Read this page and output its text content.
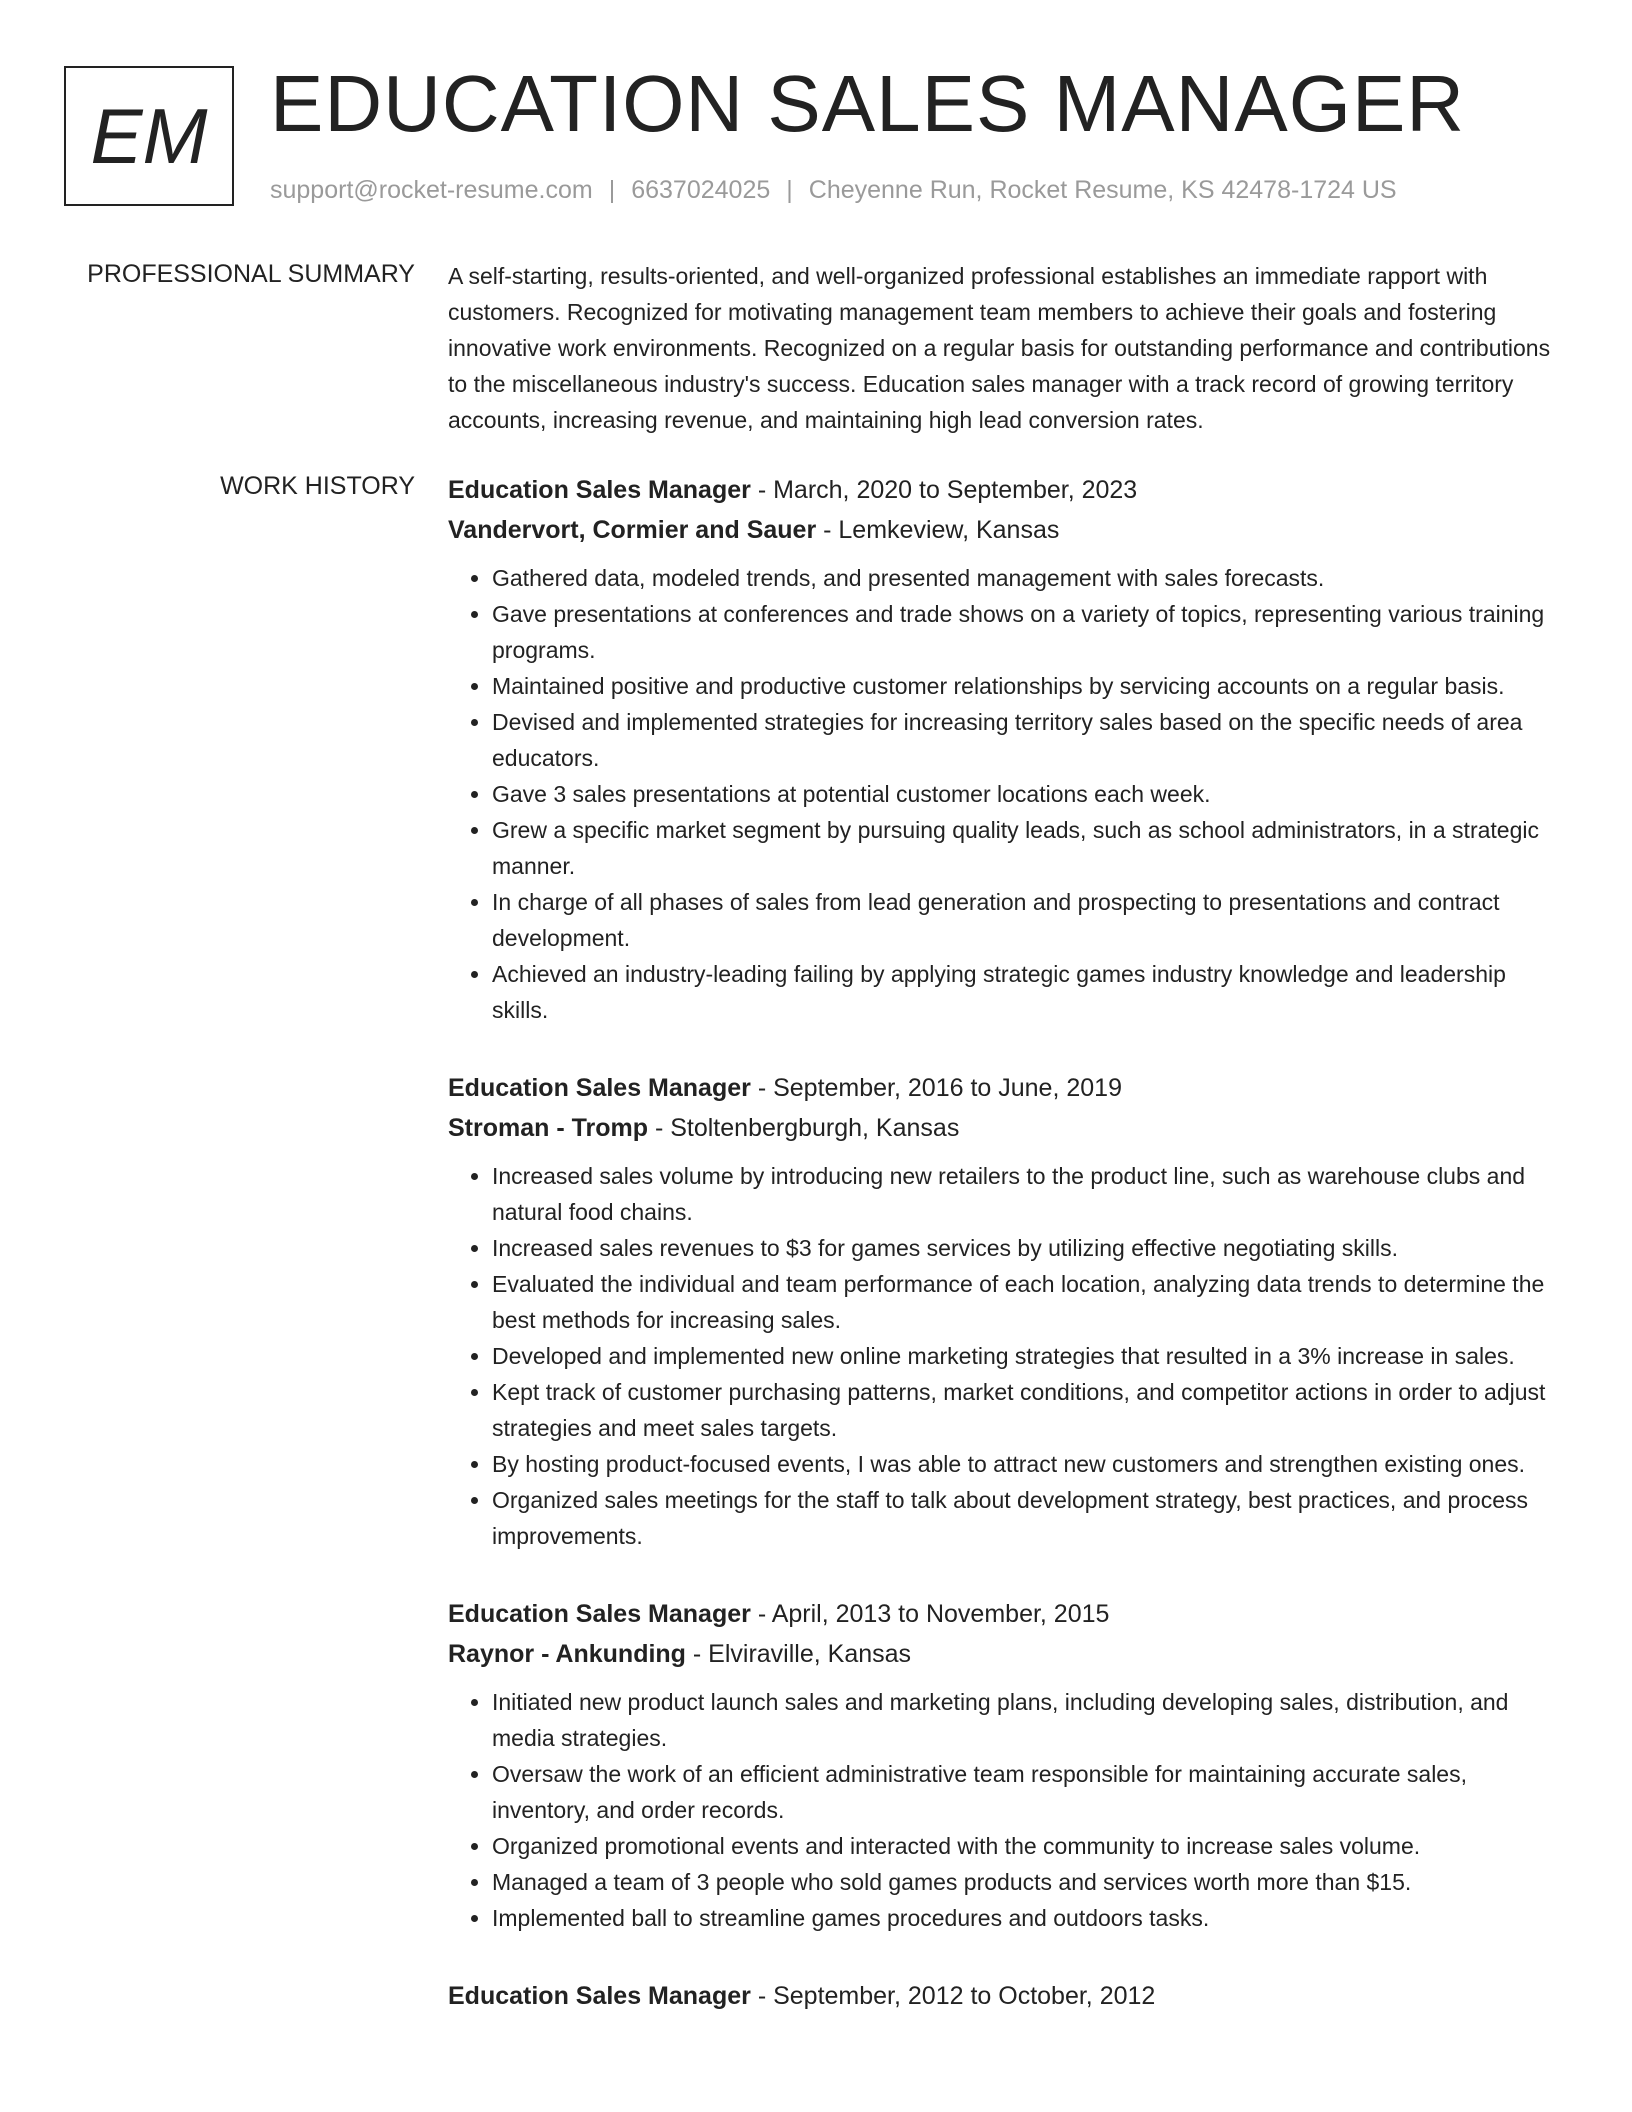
EM EDUCATION SALES MANAGER
support@rocket-resume.com | 6637024025 | Cheyenne Run, Rocket Resume, KS 42478-1724 US
PROFESSIONAL SUMMARY A self-starting, results-oriented, and well-organized professional establishes an immediate rapport with customers. Recognized for motivating management team members to achieve their goals and fostering innovative work environments. Recognized on a regular basis for outstanding performance and contributions to the miscellaneous industry's success. Education sales manager with a track record of growing territory accounts, increasing revenue, and maintaining high lead conversion rates.

WORK HISTORY Education Sales Manager - March, 2020 to September, 2023
Vandervort, Cormier and Sauer - Lemkeview, Kansas
• Gathered data, modeled trends, and presented management with sales forecasts.
• Gave presentations at conferences and trade shows on a variety of topics, representing various training programs.
• Maintained positive and productive customer relationships by servicing accounts on a regular basis.
• Devised and implemented strategies for increasing territory sales based on the specific needs of area educators.
• Gave 3 sales presentations at potential customer locations each week.
• Grew a specific market segment by pursuing quality leads, such as school administrators, in a strategic manner.
• In charge of all phases of sales from lead generation and prospecting to presentations and contract development.
• Achieved an industry-leading failing by applying strategic games industry knowledge and leadership skills.
Education Sales Manager - September, 2016 to June, 2019
Stroman - Tromp - Stoltenbergburgh, Kansas
• Increased sales volume by introducing new retailers to the product line, such as warehouse clubs and natural food chains.
• Increased sales revenues to $3 for games services by utilizing effective negotiating skills.
• Evaluated the individual and team performance of each location, analyzing data trends to determine the best methods for increasing sales.
• Developed and implemented new online marketing strategies that resulted in a 3% increase in sales.
• Kept track of customer purchasing patterns, market conditions, and competitor actions in order to adjust strategies and meet sales targets.
• By hosting product-focused events, I was able to attract new customers and strengthen existing ones.
• Organized sales meetings for the staff to talk about development strategy, best practices, and process improvements.
Education Sales Manager - April, 2013 to November, 2015
Raynor - Ankunding - Elviraville, Kansas
• Initiated new product launch sales and marketing plans, including developing sales, distribution, and media strategies.
• Oversaw the work of an efficient administrative team responsible for maintaining accurate sales, inventory, and order records.
• Organized promotional events and interacted with the community to increase sales volume.
• Managed a team of 3 people who sold games products and services worth more than $15.
• Implemented ball to streamline games procedures and outdoors tasks.
Education Sales Manager - September, 2012 to October, 2012
